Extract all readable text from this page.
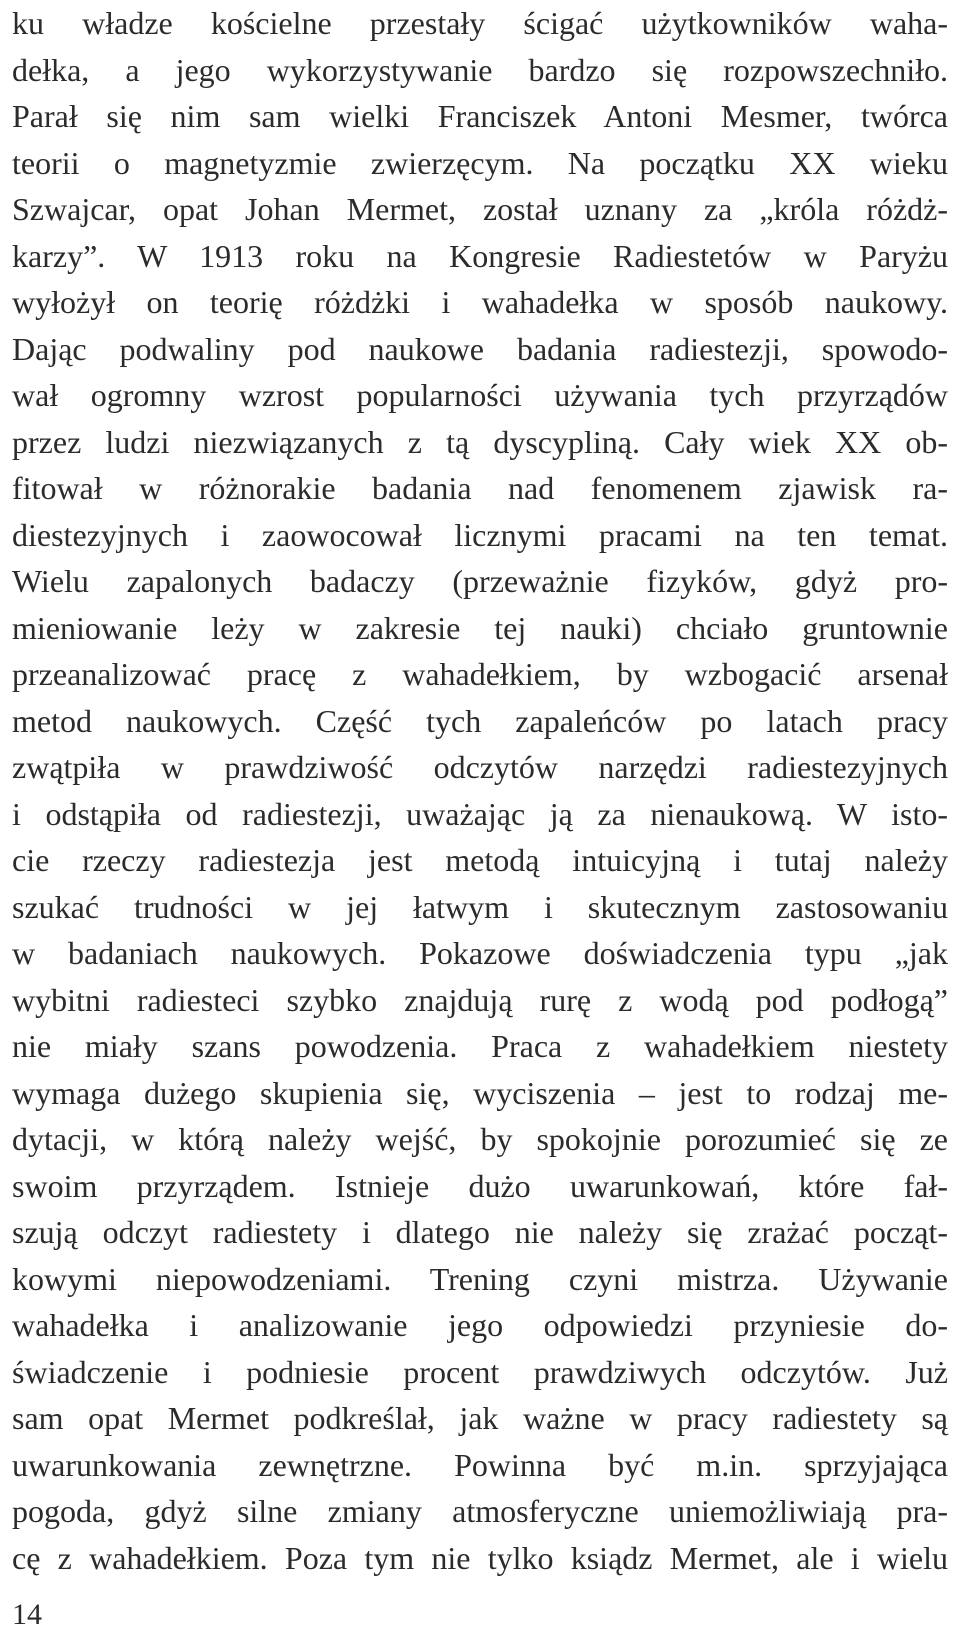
ku władze kościelne przestały ścigać użytkowników waha-
dełka, a jego wykorzystywanie bardzo się rozpowszechniło.
Parał się nim sam wielki Franciszek Antoni Mesmer, twórca
teorii o magnetyzmie zwierzęcym. Na początku XX wieku
Szwajcar, opat Johan Mermet, został uznany za „króla różdż-
karzy”. W 1913 roku na Kongresie Radiestetów w Paryżu
wyłożył on teorię różdżki i wahadełka w sposób naukowy.
Dając podwaliny pod naukowe badania radiestezji, spowodo-
wał ogromny wzrost popularności używania tych przyrządów
przez ludzi niezwiązanych z tą dyscypliną. Cały wiek XX ob-
fitował w różnorakie badania nad fenomenem zjawisk ra-
diestezyjnych i zaowocował licznymi pracami na ten temat.
Wielu zapalonych badaczy (przeważnie fizyków, gdyż pro-
mieniowanie leży w zakresie tej nauki) chciało gruntownie
przeanalizować pracę z wahadełkiem, by wzbogacić arsenał
metod naukowych. Część tych zapaleńców po latach pracy
zwątpiła w prawdziwość odczytów narzędzi radiestezyjnych
i odstąpiła od radiestezji, uważając ją za nienaukową. W isto-
cie rzeczy radiestezja jest metodą intuicyjną i tutaj należy
szukać trudności w jej łatwym i skutecznym zastosowaniu
w badaniach naukowych. Pokazowe doświadczenia typu „jak
wybitni radiesteci szybko znajdują rurę z wodą pod podłogą”
nie miały szans powodzenia. Praca z wahadełkiem niestety
wymaga dużego skupienia się, wyciszenia – jest to rodzaj me-
dytacji, w którą należy wejść, by spokojnie porozumieć się ze
swoim przyrządem. Istnieje dużo uwarunkowań, które fał-
szują odczyt radiestety i dlatego nie należy się zrażać począt-
kowymi niepowodzeniami. Trening czyni mistrza. Używanie
wahadełka i analizowanie jego odpowiedzi przyniesie do-
świadczenie i podniesie procent prawdziwych odczytów. Już
sam opat Mermet podkreślał, jak ważne w pracy radiestety są
uwarunkowania zewnętrzne. Powinna być m.in. sprzyjająca
pogoda, gdyż silne zmiany atmosferyczne uniemożliwiają pra-
cę z wahadełkiem. Poza tym nie tylko ksiądz Mermet, ale i wielu
14
